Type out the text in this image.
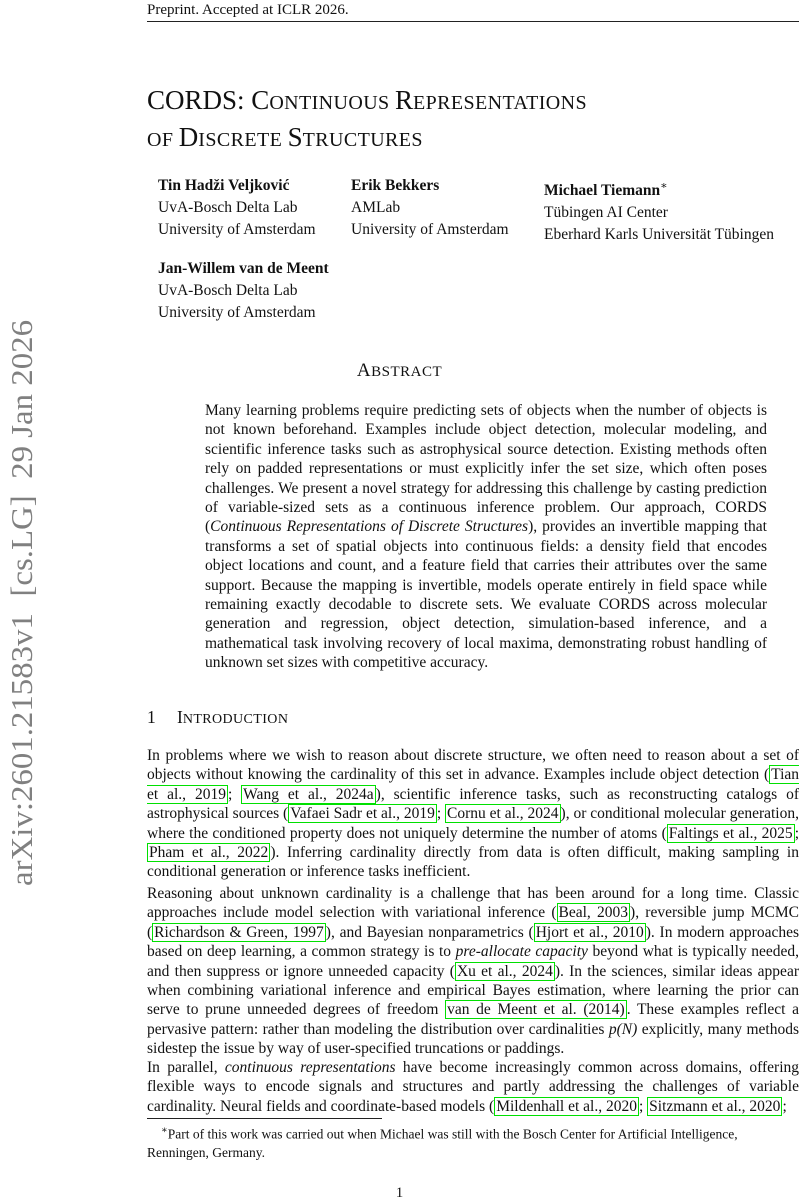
Preprint. Accepted at ICLR 2026.
arXiv:2601.21583v1  [cs.LG]  29 Jan 2026
CORDS: CONTINUOUS REPRESENTATIONS
OF DISCRETE STRUCTURES
Tin Hadži Veljković
UvA-Bosch Delta Lab
University of Amsterdam
Erik Bekkers
AMLab
University of Amsterdam
Michael Tiemann∗
Tübingen AI Center
Eberhard Karls Universität Tübingen
Jan-Willem van de Meent
UvA-Bosch Delta Lab
University of Amsterdam
ABSTRACT
Many learning problems require predicting sets of objects when the number of objects is not known beforehand. Examples include object detection, molecular modeling, and scientific inference tasks such as astrophysical source detection. Existing methods often rely on padded representations or must explicitly infer the set size, which often poses challenges. We present a novel strategy for addressing this challenge by casting prediction of variable-sized sets as a continuous inference problem. Our approach, CORDS (Continuous Representations of Discrete Structures), provides an invertible mapping that transforms a set of spatial objects into continuous fields: a density field that encodes object locations and count, and a feature field that carries their attributes over the same support. Because the mapping is invertible, models operate entirely in field space while remaining exactly decodable to discrete sets. We evaluate CORDS across molecular generation and regression, object detection, simulation-based inference, and a mathematical task involving recovery of local maxima, demonstrating robust handling of unknown set sizes with competitive accuracy.
1 INTRODUCTION

In problems where we wish to reason about discrete structure, we often need to reason about a set of objects without knowing the cardinality of this set in advance. Examples include object detection ( Tian et al., 2019 ; Wang et al., 2024a ), scientific inference tasks, such as reconstructing catalogs of astrophysical sources ( Vafaei Sadr et al., 2019 ; Cornu et al., 2024 ), or conditional molecular generation, where the conditioned property does not uniquely determine the number of atoms ( Faltings et al., 2025 ; Pham et al., 2022 ). Inferring cardinality directly from data is often difficult, making sampling in conditional generation or inference tasks inefficient.

Reasoning about unknown cardinality is a challenge that has been around for a long time. Classic approaches include model selection with variational inference ( Beal, 2003 ), reversible jump MCMC ( Richardson & Green, 1997 ), and Bayesian nonparametrics ( Hjort et al., 2010 ). In modern approaches based on deep learning, a common strategy is to pre-allocate capacity beyond what is typically needed, and then suppress or ignore unneeded capacity ( Xu et al., 2024 ). In the sciences, similar ideas appear when combining variational inference and empirical Bayes estimation, where learning the prior can serve to prune unneeded degrees of freedom van de Meent et al. (2014) . These examples reflect a pervasive pattern: rather than modeling the distribution over cardinalities p(N) explicitly, many methods sidestep the issue by way of user-specified truncations or paddings.

In parallel, continuous representations have become increasingly common across domains, offering flexible ways to encode signals and structures and partly addressing the challenges of variable cardinality. Neural fields and coordinate-based models ( Mildenhall et al., 2020 ; Sitzmann et al., 2020 ;

∗Part of this work was carried out when Michael was still with the Bosch Center for Artificial Intelligence, Renningen, Germany.
1
